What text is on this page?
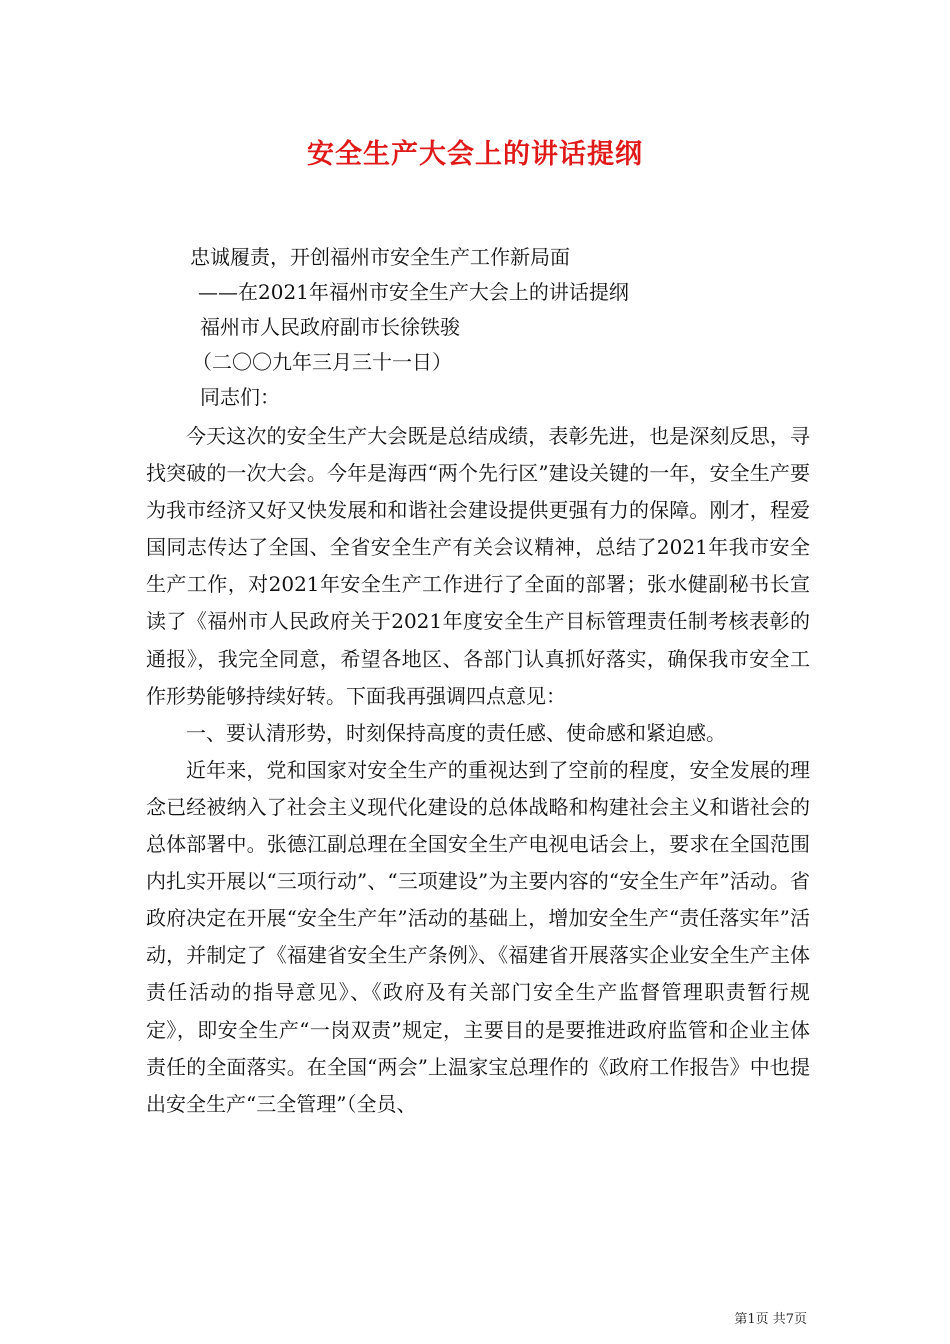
安全生产大会上的讲话提纲
忠诚履责，开创福州市安全生产工作新局面
——在2021年福州市安全生产大会上的讲话提纲
福州市人民政府副市长徐铁骏
（二〇〇九年三月三十一日）
同志们：

今天这次的安全生产大会既是总结成绩，表彰先进，也是深刻反思，寻找突破的一次大会。今年是海西“两个先行区”建设关键的一年，安全生产要为我市经济又好又快发展和和谐社会建设提供更强有力的保障。刚才，程爱国同志传达了全国、全省安全生产有关会议精神，总结了2021年我市安全生产工作，对2021年安全生产工作进行了全面的部署；张水健副秘书长宣读了《福州市人民政府关于2021年度安全生产目标管理责任制考核表彰的通报》，我完全同意，希望各地区、各部门认真抓好落实，确保我市安全工作形势能够持续好转。下面我再强调四点意见：

一、要认清形势，时刻保持高度的责任感、使命感和紧迫感。

近年来，党和国家对安全生产的重视达到了空前的程度，安全发展的理念已经被纳入了社会主义现代化建设的总体战略和构建社会主义和谐社会的总体部署中。张德江副总理在全国安全生产电视电话会上，要求在全国范围内扎实开展以“三项行动”、“三项建设”为主要内容的“安全生产年”活动。省政府决定在开展“安全生产年”活动的基础上，增加安全生产“责任落实年”活动，并制定了《福建省安全生产条例》、《福建省开展落实企业安全生产主体责任活动的指导意见》、《政府及有关部门安全生产监督管理职责暂行规定》，即安全生产“一岗双责”规定，主要目的是要推进政府监管和企业主体责任的全面落实。在全国“两会”上温家宝总理作的《政府工作报告》中也提出安全生产“三全管理”（全员、

第1页 共7页
